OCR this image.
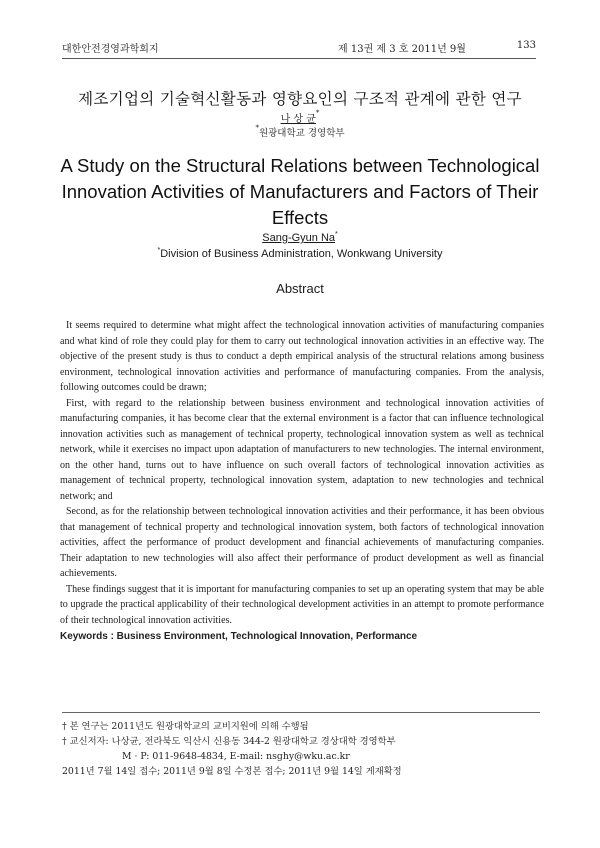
대한안전경영과학회지	제 13권 제 3 호 2011년 9월	133
제조기업의 기술혁신활동과 영향요인의 구조적 관계에 관한 연구
나 상 균*
*원광대학교 경영학부
A Study on the Structural Relations between Technological Innovation Activities of Manufacturers and Factors of Their Effects
Sang-Gyun Na*
*Division of Business Administration, Wonkwang University
Abstract

It seems required to determine what might affect the technological innovation activities of manufacturing companies and what kind of role they could play for them to carry out technological innovation activities in an effective way. The objective of the present study is thus to conduct a depth empirical analysis of the structural relations among business environment, technological innovation activities and performance of manufacturing companies. From the analysis, following outcomes could be drawn;

First, with regard to the relationship between business environment and technological innovation activities of manufacturing companies, it has become clear that the external environment is a factor that can influence technological innovation activities such as management of technical property, technological innovation system as well as technical network, while it exercises no impact upon adaptation of manufacturers to new technologies. The internal environment, on the other hand, turns out to have influence on such overall factors of technological innovation activities as management of technical property, technological innovation system, adaptation to new technologies and technical network; and

Second, as for the relationship between technological innovation activities and their performance, it has been obvious that management of technical property and technological innovation system, both factors of technological innovation activities, affect the performance of product development and financial achievements of manufacturing companies. Their adaptation to new technologies will also affect their performance of product development as well as financial achievements.

These findings suggest that it is important for manufacturing companies to set up an operating system that may be able to upgrade the practical applicability of their technological development activities in an attempt to promote performance of their technological innovation activities.

Keywords : Business Environment, Technological Innovation, Performance
† 본 연구는 2011년도 원광대학교의 교비지원에 의해 수행됨
† 교신저자: 나상균, 전라북도 익산시 신용동 344-2 원광대학교 경상대학 경영학부
M · P: 011-9648-4834, E-mail: nsghy@wku.ac.kr
2011년 7월 14일 접수; 2011년 9월 8일 수정본 접수; 2011년 9월 14일 게재확정
